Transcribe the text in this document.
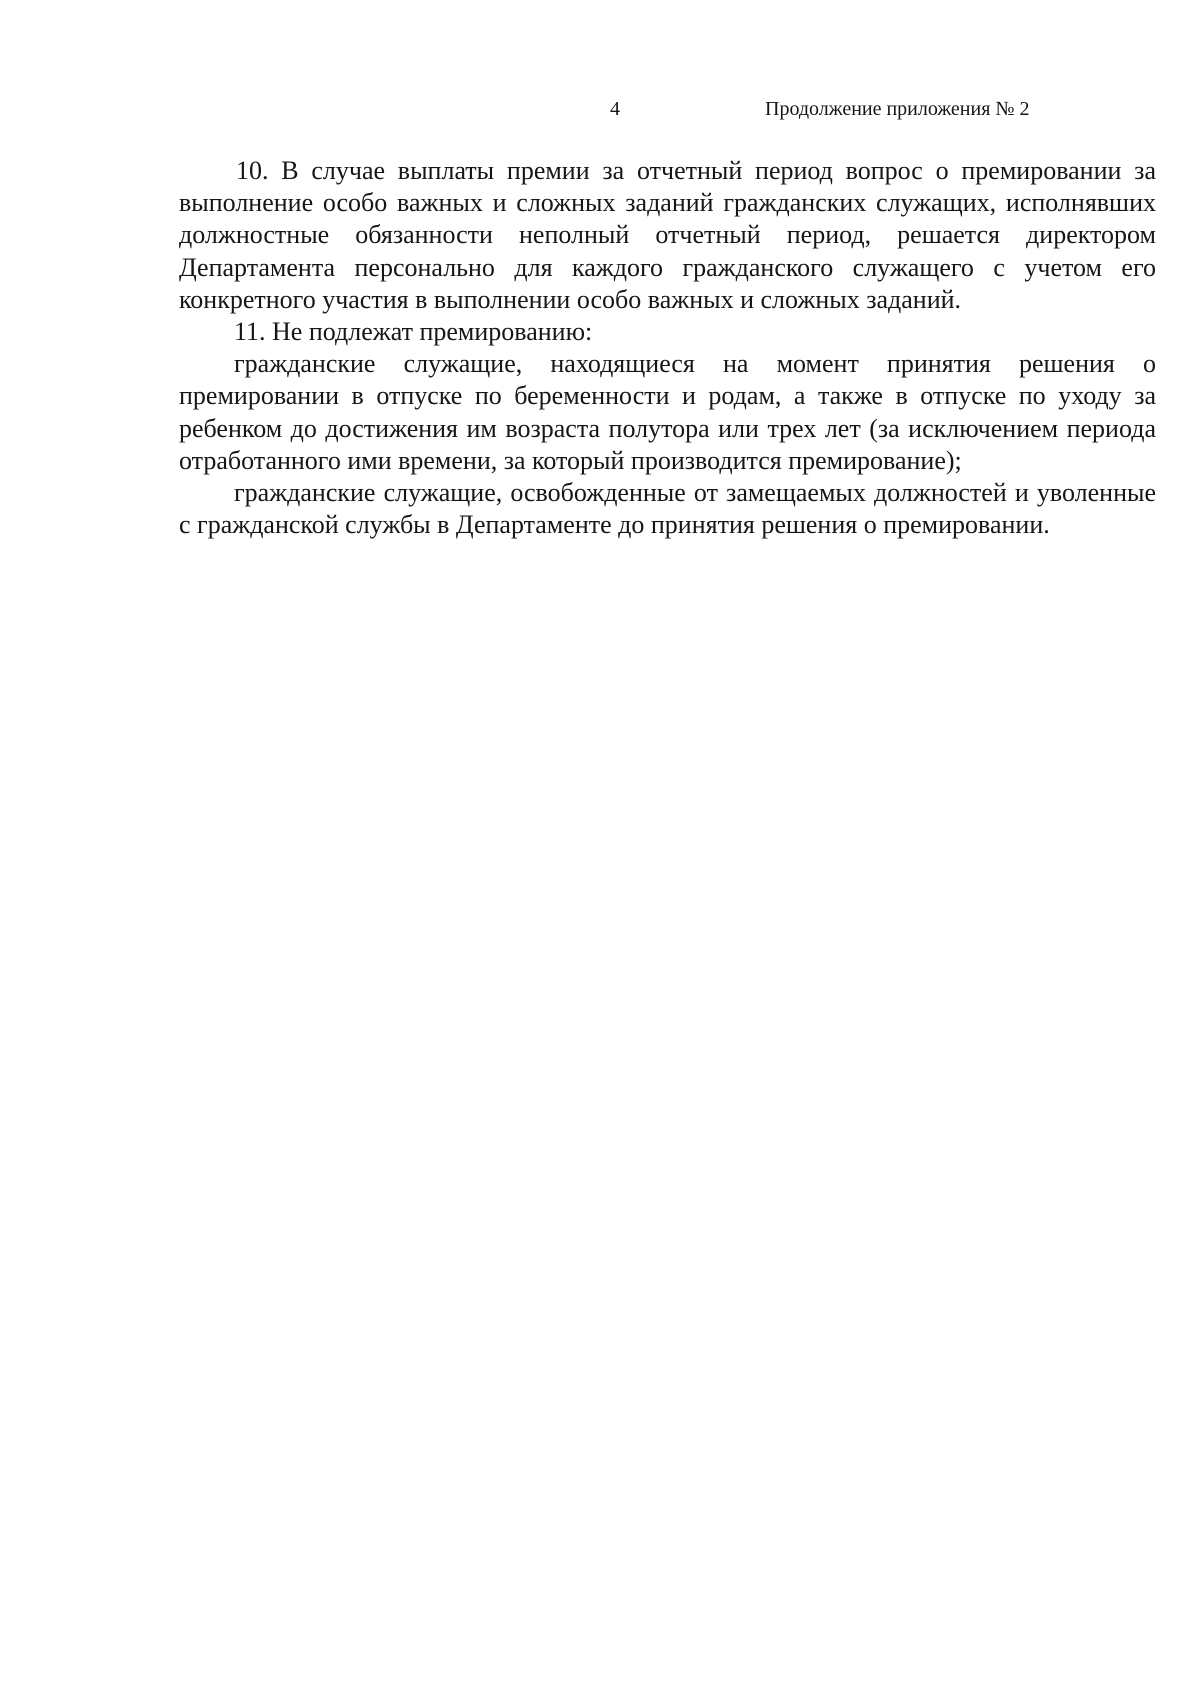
4	Продолжение приложения № 2

10. В случае выплаты премии за отчетный период вопрос о премировании за выполнение особо важных и сложных заданий гражданских служащих, исполнявших должностные обязанности неполный отчетный период, решается директором Департамента персонально для каждого гражданского служащего с учетом его конкретного участия в выполнении особо важных и сложных заданий.

11. Не подлежат премированию:

гражданские служащие, находящиеся на момент принятия решения о премировании в отпуске по беременности и родам, а также в отпуске по уходу за ребенком до достижения им возраста полутора или трех лет (за исключением периода отработанного ими времени, за который производится премирование);

гражданские служащие, освобожденные от замещаемых должностей и уволенные с гражданской службы в Департаменте до принятия решения о премировании.
